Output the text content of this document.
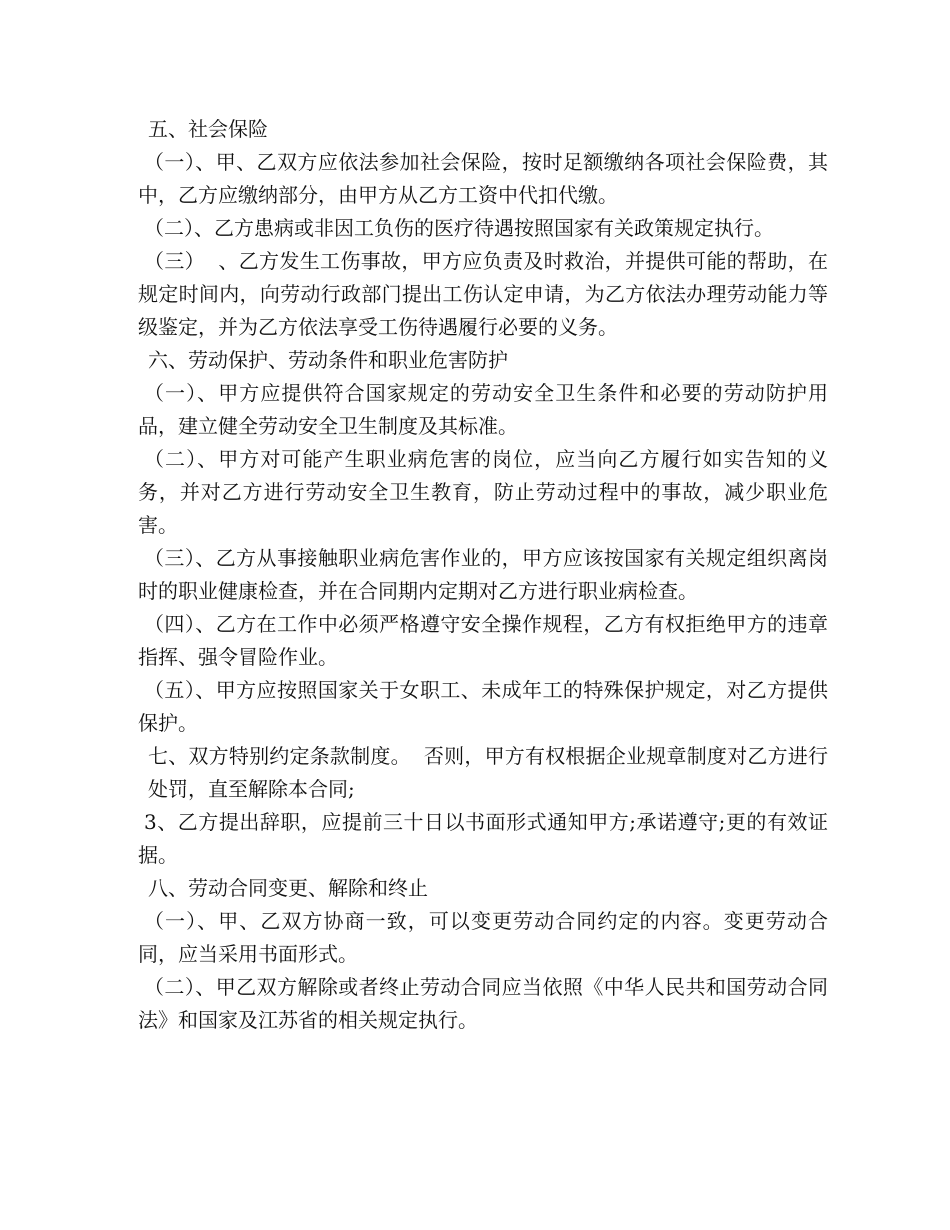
五、社会保险

（一）、甲、乙双方应依法参加社会保险，按时足额缴纳各项社会保险费，其中，乙方应缴纳部分，由甲方从乙方工资中代扣代缴。

（二）、乙方患病或非因工负伤的医疗待遇按照国家有关政策规定执行。

（三）  、乙方发生工伤事故，甲方应负责及时救治，并提供可能的帮助，在规定时间内，向劳动行政部门提出工伤认定申请，为乙方依法办理劳动能力等级鉴定，并为乙方依法享受工伤待遇履行必要的义务。

六、劳动保护、劳动条件和职业危害防护

（一）、甲方应提供符合国家规定的劳动安全卫生条件和必要的劳动防护用品，建立健全劳动安全卫生制度及其标准。

（二）、甲方对可能产生职业病危害的岗位，应当向乙方履行如实告知的义务，并对乙方进行劳动安全卫生教育，防止劳动过程中的事故，减少职业危害。

（三）、乙方从事接触职业病危害作业的，甲方应该按国家有关规定组织离岗时的职业健康检查，并在合同期内定期对乙方进行职业病检查。

（四）、乙方在工作中必须严格遵守安全操作规程，乙方有权拒绝甲方的违章指挥、强令冒险作业。

（五）、甲方应按照国家关于女职工、未成年工的特殊保护规定，对乙方提供保护。

七、双方特别约定条款制度。  否则，甲方有权根据企业规章制度对乙方进行处罚，直至解除本合同;

3、乙方提出辞职，应提前三十日以书面形式通知甲方;承诺遵守;更的有效证据。

八、劳动合同变更、解除和终止

（一）、甲、乙双方协商一致，可以变更劳动合同约定的内容。变更劳动合同，应当采用书面形式。

（二）、甲乙双方解除或者终止劳动合同应当依照《中华人民共和国劳动合同法》和国家及江苏省的相关规定执行。
